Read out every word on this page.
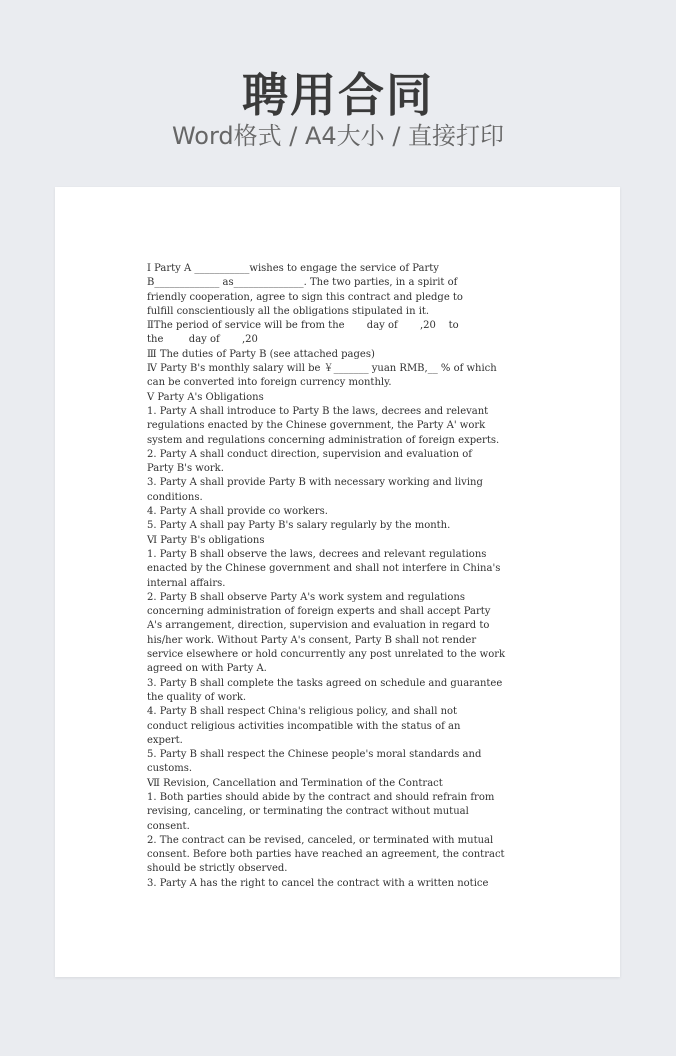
聘用合同
Word格式 / A4大小 / 直接打印
Ⅰ Party A ___________wishes to engage the service of Party
B_____________ as______________. The two parties, in a spirit of
friendly cooperation, agree to sign this contract and pledge to
fulfill conscientiously all the obligations stipulated in it.
ⅡThe period of service will be from the       day of       ,20    to
the        day of       ,20
Ⅲ The duties of Party B (see attached pages)
Ⅳ Party B's monthly salary will be ￥_______ yuan RMB,__ % of which
can be converted into foreign currency monthly.
Ⅴ Party A's Obligations
1. Party A shall introduce to Party B the laws, decrees and relevant
regulations enacted by the Chinese government, the Party A' work
system and regulations concerning administration of foreign experts.
2. Party A shall conduct direction, supervision and evaluation of
Party B's work.
3. Party A shall provide Party B with necessary working and living
conditions.
4. Party A shall provide co workers.
5. Party A shall pay Party B's salary regularly by the month.
Ⅵ Party B's obligations
1. Party B shall observe the laws, decrees and relevant regulations
enacted by the Chinese government and shall not interfere in China's
internal affairs.
2. Party B shall observe Party A's work system and regulations
concerning administration of foreign experts and shall accept Party
A's arrangement, direction, supervision and evaluation in regard to
his/her work. Without Party A's consent, Party B shall not render
service elsewhere or hold concurrently any post unrelated to the work
agreed on with Party A.
3. Party B shall complete the tasks agreed on schedule and guarantee
the quality of work.
4. Party B shall respect China's religious policy, and shall not
conduct religious activities incompatible with the status of an
expert.
5. Party B shall respect the Chinese people's moral standards and
customs.
Ⅶ Revision, Cancellation and Termination of the Contract
1. Both parties should abide by the contract and should refrain from
revising, canceling, or terminating the contract without mutual
consent.
2. The contract can be revised, canceled, or terminated with mutual
consent. Before both parties have reached an agreement, the contract
should be strictly observed.
3. Party A has the right to cancel the contract with a written notice
